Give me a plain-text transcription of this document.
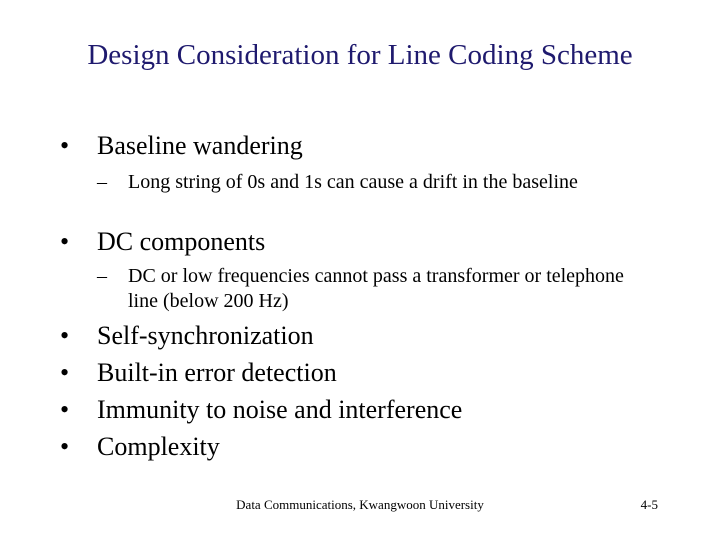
Design Consideration for Line Coding Scheme
•	Baseline wandering
– Long string of 0s and 1s can cause a drift in the baseline
•	DC components
– DC or low frequencies cannot pass a transformer or telephone line (below 200 Hz)
•	Self-synchronization
•	Built-in error detection
•	Immunity to noise and interference
•	Complexity
Data Communications, Kwangwoon University	4-5
